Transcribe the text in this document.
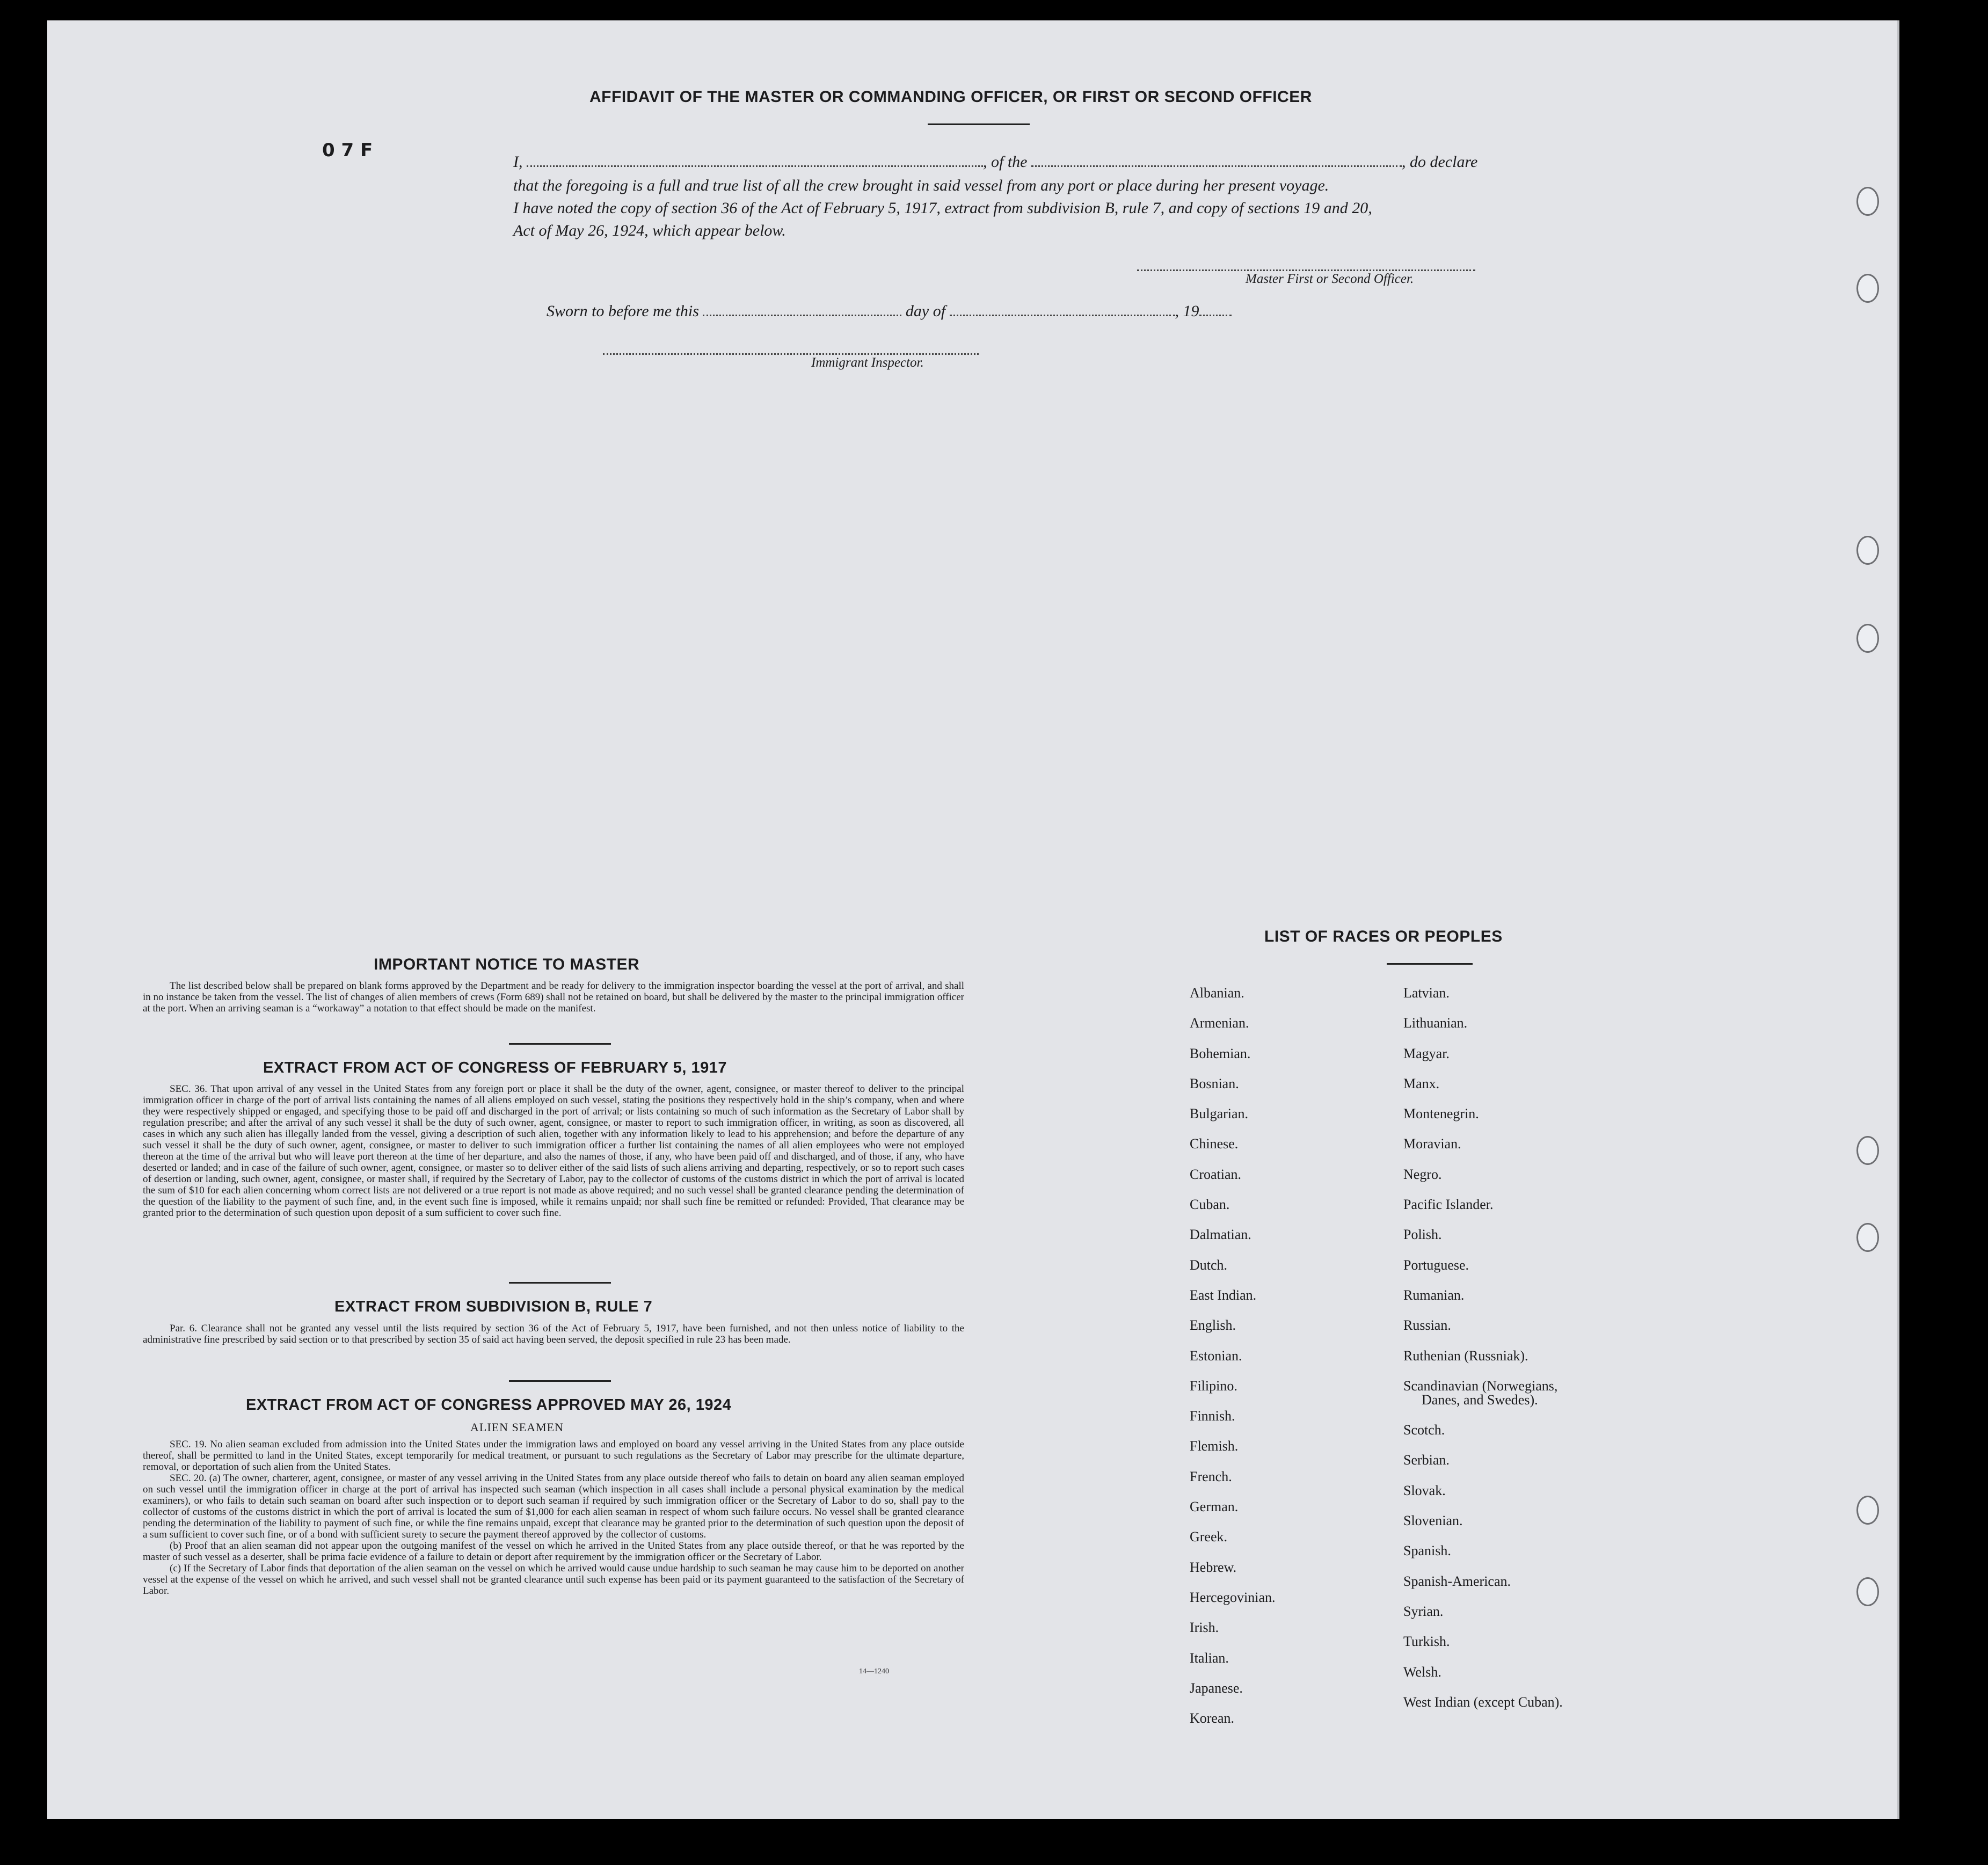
AFFIDAVIT OF THE MASTER OR COMMANDING OFFICER, OR FIRST OR SECOND OFFICER
I,	, of the	, do declare
that the foregoing is a full and true list of all the crew brought in said vessel from any port or place during her present voyage.
I have noted the copy of section 36 of the Act of February 5, 1917, extract from subdivision B, rule 7, and copy of sections 19 and 20,
Act of May 26, 1924, which appear below.
Master First or Second Officer.
Sworn to before me this	day of	, 19
Immigrant Inspector.
0 7 F
IMPORTANT NOTICE TO MASTER

The list described below shall be prepared on blank forms approved by the Department and be ready for delivery to the immigration inspector boarding the vessel at the port of arrival, and shall in no instance be taken from the vessel. The list of changes of alien members of crews (Form 689) shall not be retained on board, but shall be delivered by the master to the principal immigration officer at the port. When an arriving seaman is a “workaway” a notation to that effect should be made on the manifest.

EXTRACT FROM ACT OF CONGRESS OF FEBRUARY 5, 1917

SEC. 36. That upon arrival of any vessel in the United States from any foreign port or place it shall be the duty of the owner, agent, consignee, or master thereof to deliver to the principal immigration officer in charge of the port of arrival lists containing the names of all aliens employed on such vessel, stating the positions they respectively hold in the ship’s company, when and where they were respectively shipped or engaged, and specifying those to be paid off and discharged in the port of arrival; or lists containing so much of such information as the Secretary of Labor shall by regulation prescribe; and after the arrival of any such vessel it shall be the duty of such owner, agent, consignee, or master to report to such immigration officer, in writing, as soon as discovered, all cases in which any such alien has illegally landed from the vessel, giving a description of such alien, together with any information likely to lead to his apprehension; and before the departure of any such vessel it shall be the duty of such owner, agent, consignee, or master to deliver to such immigration officer a further list containing the names of all alien employees who were not employed thereon at the time of the arrival but who will leave port thereon at the time of her departure, and also the names of those, if any, who have been paid off and discharged, and of those, if any, who have deserted or landed; and in case of the failure of such owner, agent, consignee, or master so to deliver either of the said lists of such aliens arriving and departing, respectively, or so to report such cases of desertion or landing, such owner, agent, consignee, or master shall, if required by the Secretary of Labor, pay to the collector of customs of the customs district in which the port of arrival is located the sum of $10 for each alien concerning whom correct lists are not delivered or a true report is not made as above required; and no such vessel shall be granted clearance pending the determination of the question of the liability to the payment of such fine, and, in the event such fine is imposed, while it remains unpaid; nor shall such fine be remitted or refunded: Provided, That clearance may be granted prior to the determination of such question upon deposit of a sum sufficient to cover such fine.

EXTRACT FROM SUBDIVISION B, RULE 7

Par. 6. Clearance shall not be granted any vessel until the lists required by section 36 of the Act of February 5, 1917, have been furnished, and not then unless notice of liability to the administrative fine prescribed by said section or to that prescribed by section 35 of said act having been served, the deposit specified in rule 23 has been made.

EXTRACT FROM ACT OF CONGRESS APPROVED MAY 26, 1924
ALIEN SEAMEN

SEC. 19. No alien seaman excluded from admission into the United States under the immigration laws and employed on board any vessel arriving in the United States from any place outside thereof, shall be permitted to land in the United States, except temporarily for medical treatment, or pursuant to such regulations as the Secretary of Labor may prescribe for the ultimate departure, removal, or deportation of such alien from the United States.

SEC. 20. (a) The owner, charterer, agent, consignee, or master of any vessel arriving in the United States from any place outside thereof who fails to detain on board any alien seaman employed on such vessel until the immigration officer in charge at the port of arrival has inspected such seaman (which inspection in all cases shall include a personal physical examination by the medical examiners), or who fails to detain such seaman on board after such inspection or to deport such seaman if required by such immigration officer or the Secretary of Labor to do so, shall pay to the collector of customs of the customs district in which the port of arrival is located the sum of $1,000 for each alien seaman in respect of whom such failure occurs. No vessel shall be granted clearance pending the determination of the liability to payment of such fine, or while the fine remains unpaid, except that clearance may be granted prior to the determination of such question upon the deposit of a sum sufficient to cover such fine, or of a bond with sufficient surety to secure the payment thereof approved by the collector of customs.

(b) Proof that an alien seaman did not appear upon the outgoing manifest of the vessel on which he arrived in the United States from any place outside thereof, or that he was reported by the master of such vessel as a deserter, shall be prima facie evidence of a failure to detain or deport after requirement by the immigration officer or the Secretary of Labor.

(c) If the Secretary of Labor finds that deportation of the alien seaman on the vessel on which he arrived would cause undue hardship to such seaman he may cause him to be deported on another vessel at the expense of the vessel on which he arrived, and such vessel shall not be granted clearance until such expense has been paid or its payment guaranteed to the satisfaction of the Secretary of Labor.

14—1240
LIST OF RACES OR PEOPLES
Albanian.
Armenian.
Bohemian.
Bosnian.
Bulgarian.
Chinese.
Croatian.
Cuban.
Dalmatian.
Dutch.
East Indian.
English.
Estonian.
Filipino.
Finnish.
Flemish.
French.
German.
Greek.
Hebrew.
Hercegovinian.
Irish.
Italian.
Japanese.
Korean.
Latvian.
Lithuanian.
Magyar.
Manx.
Montenegrin.
Moravian.
Negro.
Pacific Islander.
Polish.
Portuguese.
Rumanian.
Russian.
Ruthenian (Russniak).
Scandinavian (Norwegians,
Danes, and Swedes).
Scotch.
Serbian.
Slovak.
Slovenian.
Spanish.
Spanish-American.
Syrian.
Turkish.
Welsh.
West Indian (except Cuban).
